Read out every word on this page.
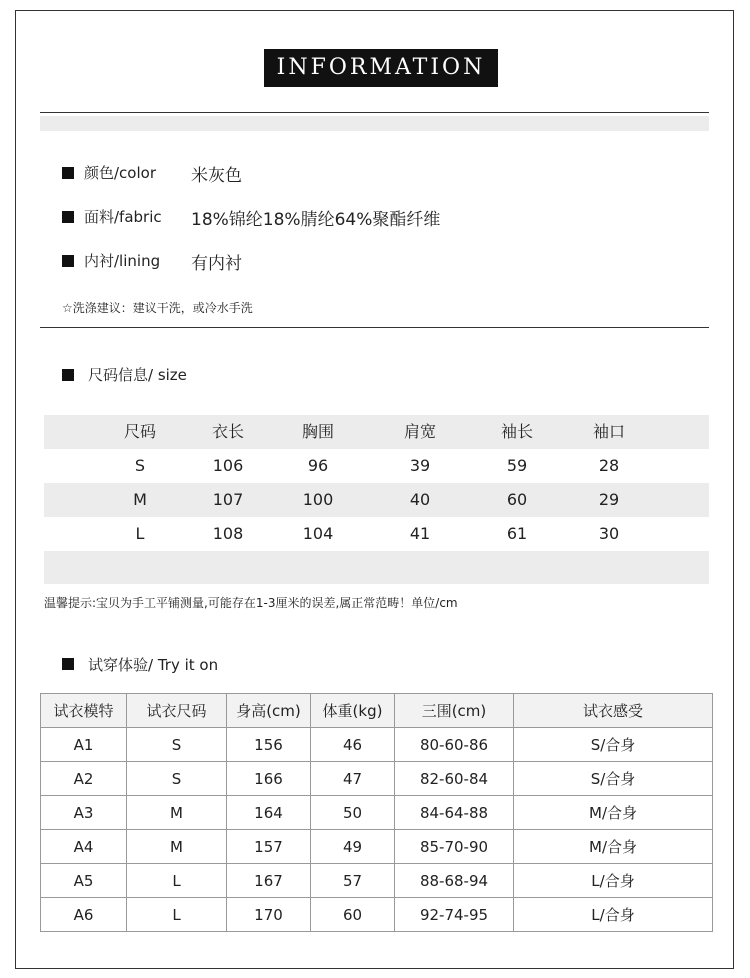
INFORMATION
颜色/color 米灰色
面料/fabric 18%锦纶18%腈纶64%聚酯纤维
内衬/lining 有内衬
☆洗涤建议：建议干洗，或冷水手洗
尺码信息/ size
尺码	衣长	胸围	肩宽	袖长	袖口
S	106	96	39	59	28
M	107	100	40	60	29
L	108	104	41	61	30
温馨提示:宝贝为手工平铺测量,可能存在1-3厘米的误差,属正常范畴！单位/cm
试穿体验/ Try it on
试衣模特	试衣尺码	身高(cm)	体重(kg)	三围(cm)	试衣感受
A1	S	156	46	80-60-86	S/合身
A2	S	166	47	82-60-84	S/合身
A3	M	164	50	84-64-88	M/合身
A4	M	157	49	85-70-90	M/合身
A5	L	167	57	88-68-94	L/合身
A6	L	170	60	92-74-95	L/合身
